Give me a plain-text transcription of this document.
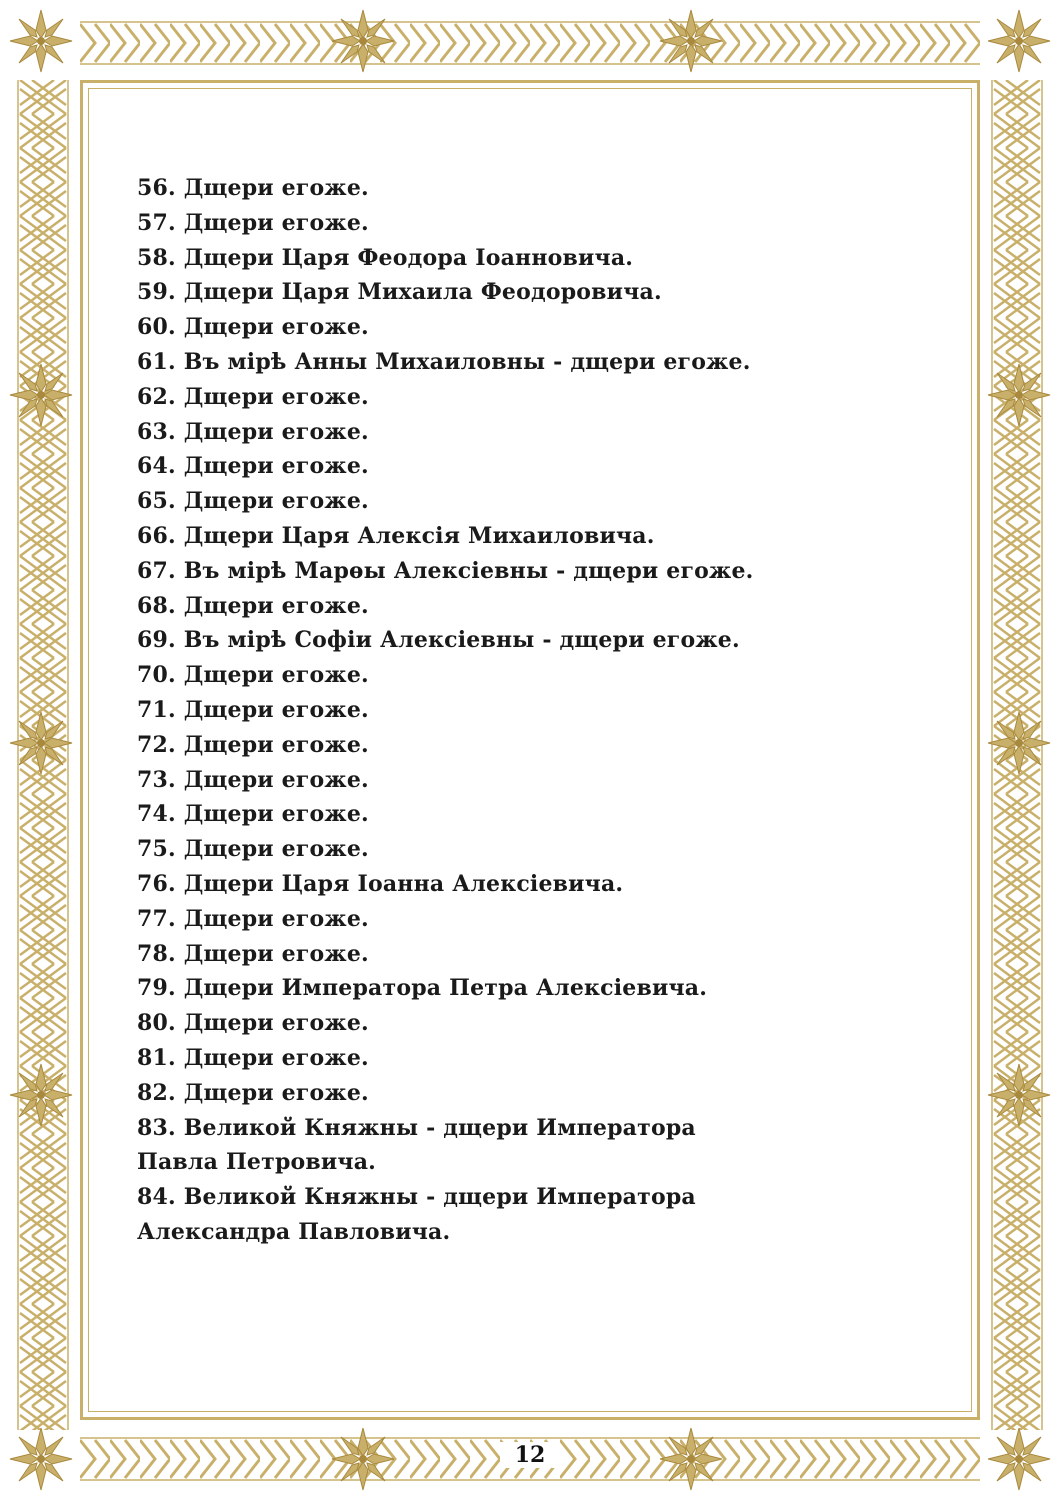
56. Дщери егоже.
57. Дщери егоже.
58. Дщери Царя Феодора Іоанновича.
59. Дщери Царя Михаила Феодоровича.
60. Дщери егоже.
61. Въ мірѣ Анны Михаиловны - дщери егоже.
62. Дщери егоже.
63. Дщери егоже.
64. Дщери егоже.
65. Дщери егоже.
66. Дщери Царя Алексія Михаиловича.
67. Въ мірѣ Марѳы Алексіевны - дщери егоже.
68. Дщери егоже.
69. Въ мірѣ Софіи Алексіевны - дщери егоже.
70. Дщери егоже.
71. Дщери егоже.
72. Дщери егоже.
73. Дщери егоже.
74. Дщери егоже.
75. Дщери егоже.
76. Дщери Царя Іоанна Алексіевича.
77. Дщери егоже.
78. Дщери егоже.
79. Дщери Императора Петра Алексіевича.
80. Дщери егоже.
81. Дщери егоже.
82. Дщери егоже.
83. Великой Княжны - дщери Императора Павла Петровича.
84. Великой Княжны - дщери Императора Александра Павловича.
12
